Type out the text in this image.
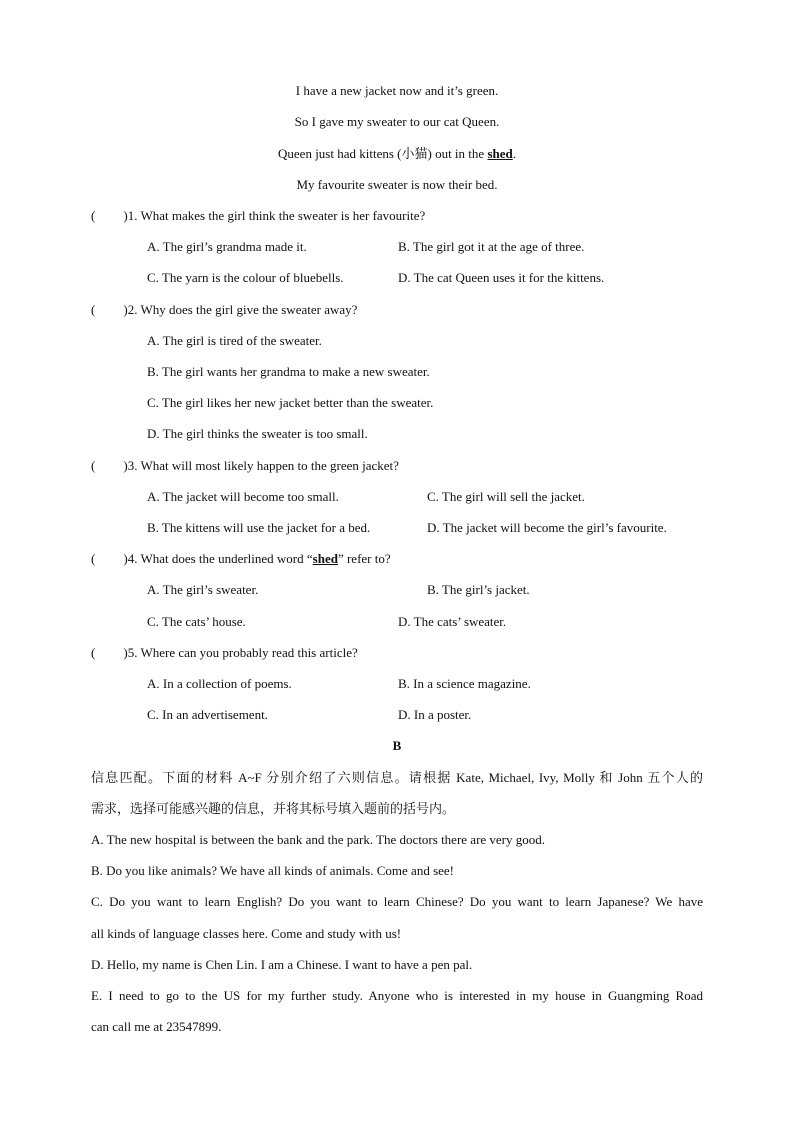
I have a new jacket now and it’s green.
So I gave my sweater to our cat Queen.
Queen just had kittens (小猫) out in the shed.
My favourite sweater is now their bed.
( )1. What makes the girl think the sweater is her favourite?
A. The girl’s grandma made it.	B. The girl got it at the age of three.
C. The yarn is the colour of bluebells.	D. The cat Queen uses it for the kittens.
( )2. Why does the girl give the sweater away?
A. The girl is tired of the sweater.
B. The girl wants her grandma to make a new sweater.
C. The girl likes her new jacket better than the sweater.
D. The girl thinks the sweater is too small.
( )3. What will most likely happen to the green jacket?
A. The jacket will become too small.	C. The girl will sell the jacket.
B. The kittens will use the jacket for a bed.	D. The jacket will become the girl’s favourite.
( )4. What does the underlined word “shed” refer to?
A. The girl’s sweater.	B. The girl’s jacket.
C. The cats’ house.	D. The cats’ sweater.
( )5. Where can you probably read this article?
A. In a collection of poems.	B. In a science magazine.
C. In an advertisement.	D. In a poster.
B
信息匹配。下面的材料 A~F 分别介绍了六则信息。请根据 Kate, Michael, Ivy, Molly 和 John 五个人的
需求，选择可能感兴趣的信息，并将其标号填入题前的括号内。
A. The new hospital is between the bank and the park. The doctors there are very good.
B. Do you like animals? We have all kinds of animals. Come and see!
C. Do you want to learn English? Do you want to learn Chinese? Do you want to learn Japanese? We have
all kinds of language classes here. Come and study with us!
D. Hello, my name is Chen Lin. I am a Chinese. I want to have a pen pal.
E. I need to go to the US for my further study. Anyone who is interested in my house in Guangming Road
can call me at 23547899.
